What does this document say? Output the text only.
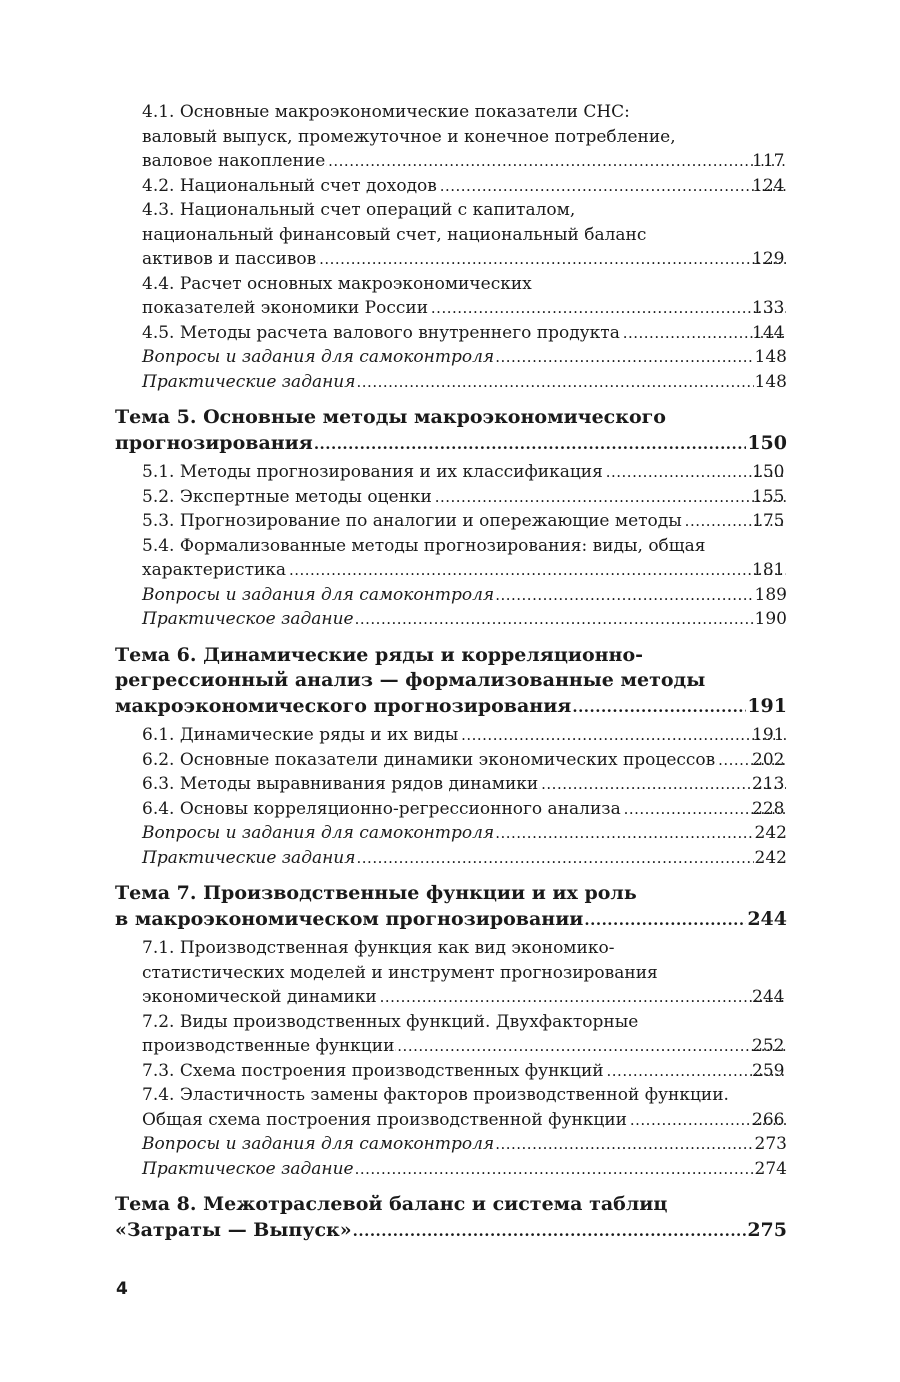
4.1. Основные макроэкономические показатели СНС:
валовый выпуск, промежуточное и конечное потребление,
валовое накопление .....	117
4.2. Национальный счет доходов .....	124
4.3. Национальный счет операций с капиталом,
национальный финансовый счет, национальный баланс
активов и пассивов .....	129
4.4. Расчет основных макроэкономических
показателей экономики России .....	133
4.5. Методы расчета валового внутреннего продукта .....	144
Вопросы и задания для самоконтроля .....	148
Практические задания .....	148
Тема 5. Основные методы макроэкономического
прогнозирования .....	150
5.1. Методы прогнозирования и их классификация .....	150
5.2. Экспертные методы оценки .....	155
5.3. Прогнозирование по аналогии и опережающие методы .....	175
5.4. Формализованные методы прогнозирования: виды, общая
характеристика .....	181
Вопросы и задания для самоконтроля .....	189
Практическое задание .....	190
Тема 6. Динамические ряды и корреляционно-
регрессионный анализ — формализованные методы
макроэкономического прогнозирования .....	191
6.1. Динамические ряды и их виды .....	191
6.2. Основные показатели динамики экономических процессов ..... 202
6.3. Методы выравнивания рядов динамики .....	213
6.4. Основы корреляционно-регрессионного анализа .....	228
Вопросы и задания для самоконтроля .....	242
Практические задания .....	242
Тема 7. Производственные функции и их роль
в макроэкономическом прогнозировании .....	244
7.1. Производственная функция как вид экономико-
статистических моделей и инструмент прогнозирования
экономической динамики .....	244
7.2. Виды производственных функций. Двухфакторные
производственные функции .....	252
7.3. Схема построения производственных функций .....	259
7.4. Эластичность замены факторов производственной функции.
Общая схема построения производственной функции .....	266
Вопросы и задания для самоконтроля .....	273
Практическое задание .....	274
Тема 8. Межотраслевой баланс и система таблиц
«Затраты — Выпуск» .....	275
4
